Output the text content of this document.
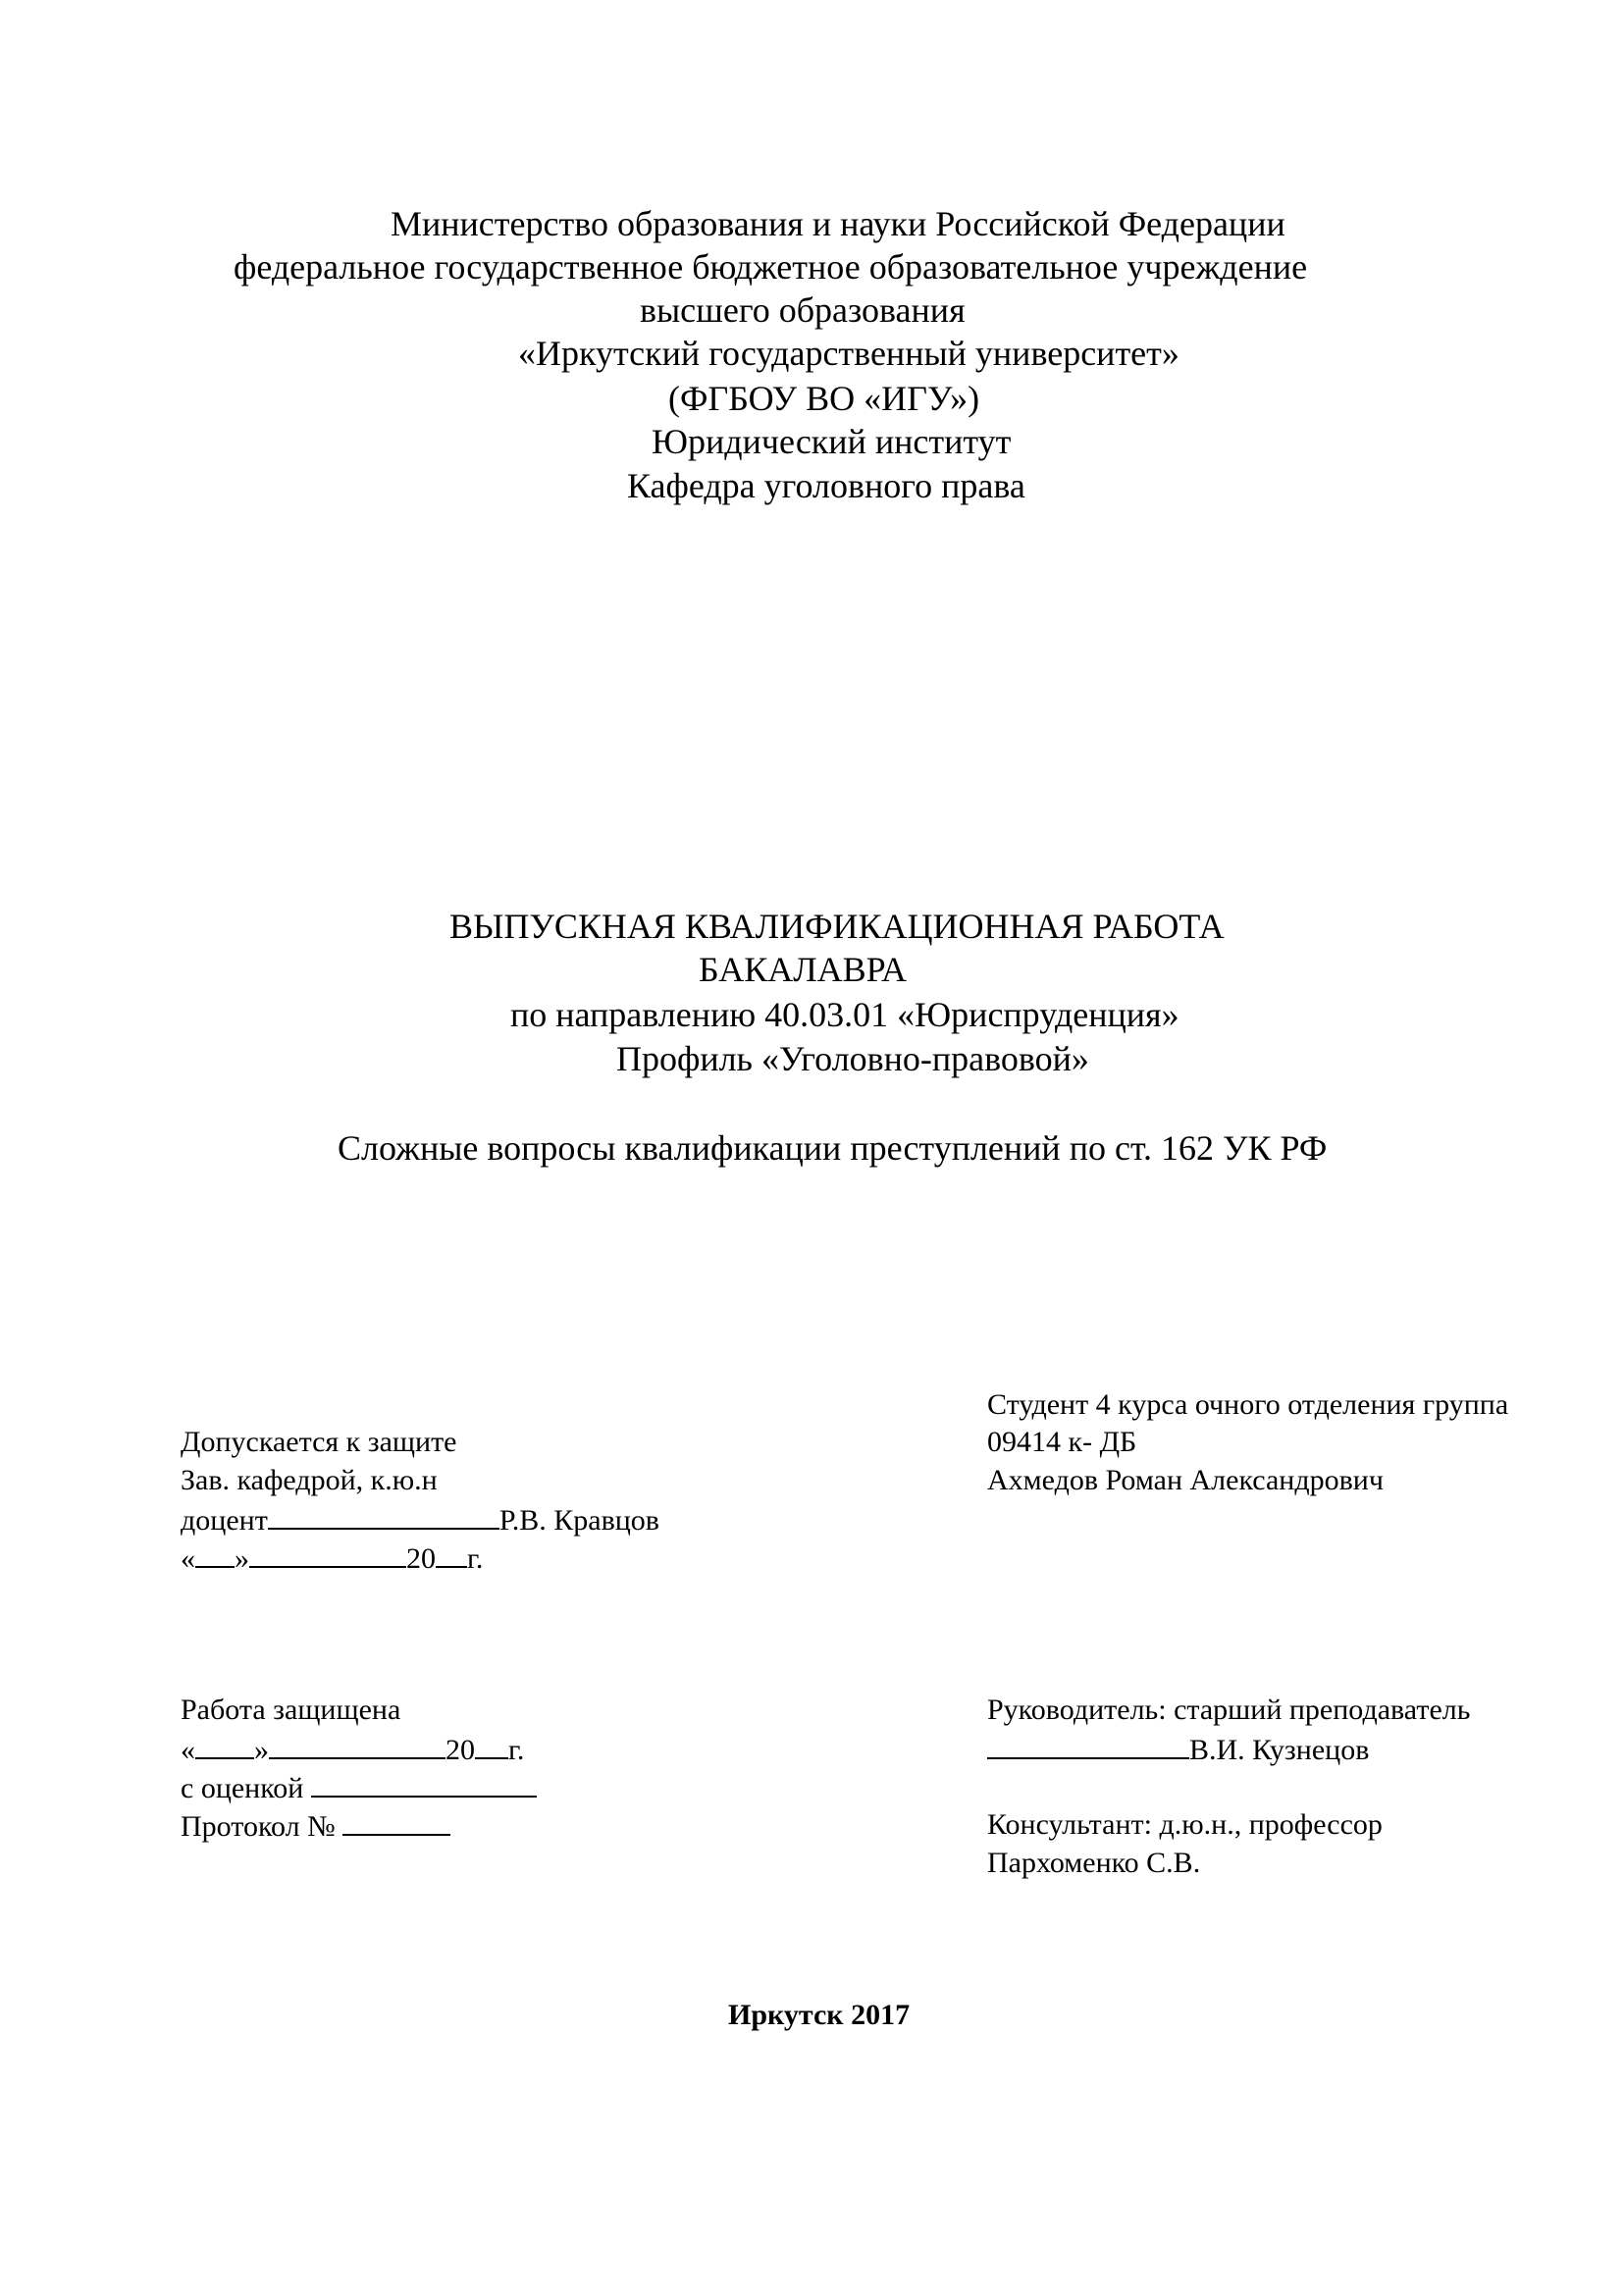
Министерство образования и науки Российской Федерации
федеральное государственное бюджетное образовательное учреждение
высшего образования
«Иркутский государственный университет»
(ФГБОУ ВО «ИГУ»)
Юридический институт
Кафедра уголовного права
ВЫПУСКНАЯ КВАЛИФИКАЦИОННАЯ РАБОТА
БАКАЛАВРА
по направлению 40.03.01 «Юриспруденция»
Профиль «Уголовно-правовой»
Сложные вопросы квалификации преступлений по ст. 162 УК РФ
Студент 4 курса очного отделения группа
09414 к- ДБ
Ахмедов Роман Александрович
Допускается к защите
Зав. кафедрой, к.ю.н
доцент	Р.В. Кравцов
« »	20 г.
Работа защищена
« »	20 г.
с оценкой
Протокол №
Руководитель: старший преподаватель
В.И. Кузнецов
Консультант: д.ю.н., профессор
Пархоменко С.В.
Иркутск 2017
